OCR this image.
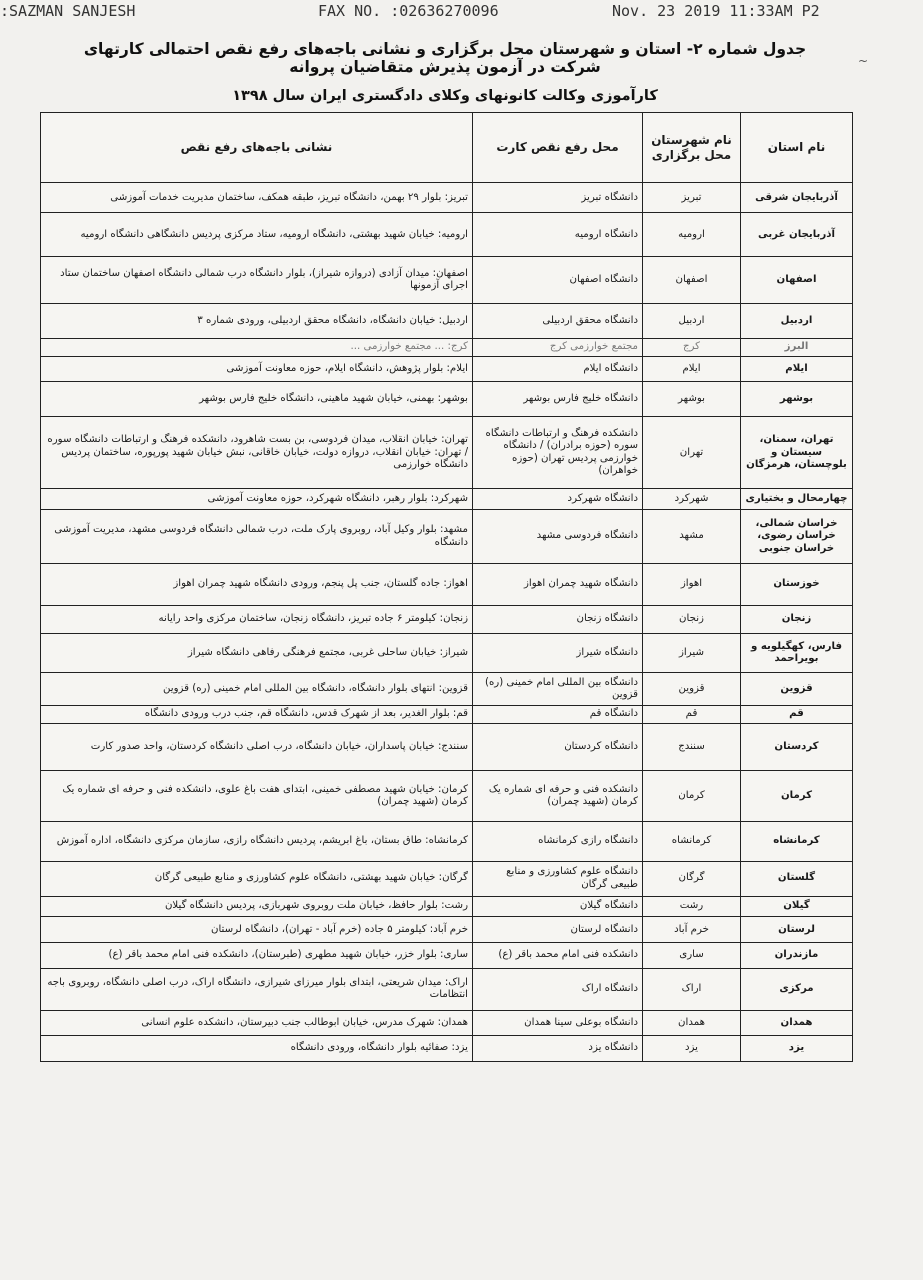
:SAZMAN SANJESH	FAX NO. :02636270096	Nov. 23 2019 11:33AM P2
جدول شماره ۲- استان و شهرستان محل برگزاری و نشانی باجه‌های رفع نقص احتمالی کارتهای شرکت در آزمون پذیرش متقاضیان پروانه
کارآموزی وکالت کانونهای وکلای دادگستری ایران سال ۱۳۹۸
~
نام استان	نام شهرستان محل برگزاری	محل رفع نقص کارت	نشانی باجه‌های رفع نقص
آذربایجان شرقی	تبریز	دانشگاه تبریز	تبریز: بلوار ۲۹ بهمن، دانشگاه تبریز، طبقه همکف، ساختمان مدیریت خدمات آموزشی
آذربایجان غربی	ارومیه	دانشگاه ارومیه	ارومیه: خیابان شهید بهشتی، دانشگاه ارومیه، ستاد مرکزی پردیس دانشگاهی دانشگاه ارومیه
اصفهان	اصفهان	دانشگاه اصفهان	اصفهان: میدان آزادی (دروازه شیراز)، بلوار دانشگاه درب شمالی دانشگاه اصفهان ساختمان ستاد اجرای آزمونها
اردبیل	اردبیل	دانشگاه محقق اردبیلی	اردبیل: خیابان دانشگاه، دانشگاه محقق اردبیلی، ورودی شماره ۳
البرز	کرج	مجتمع خوارزمی کرج	کرج: ... مجتمع خوارزمی ...
ایلام	ایلام	دانشگاه ایلام	ایلام: بلوار پژوهش، دانشگاه ایلام، حوزه معاونت آموزشی
بوشهر	بوشهر	دانشگاه خلیج فارس بوشهر	بوشهر: بهمنی، خیابان شهید ماهینی، دانشگاه خلیج فارس بوشهر
تهران، سمنان، سیستان و بلوچستان، هرمزگان	تهران	دانشکده فرهنگ و ارتباطات دانشگاه سوره (حوزه برادران) / دانشگاه خوارزمی پردیس تهران (حوزه خواهران)	تهران: خیابان انقلاب، میدان فردوسی، بن بست شاهرود، دانشکده فرهنگ و ارتباطات دانشگاه سوره / تهران: خیابان انقلاب، دروازه دولت، خیابان خاقانی، نبش خیابان شهید پورپوره، ساختمان پردیس دانشگاه خوارزمی
چهارمحال و بختیاری	شهرکرد	دانشگاه شهرکرد	شهرکرد: بلوار رهبر، دانشگاه شهرکرد، حوزه معاونت آموزشی
خراسان شمالی، خراسان رضوی، خراسان جنوبی	مشهد	دانشگاه فردوسی مشهد	مشهد: بلوار وکیل آباد، روبروی پارک ملت، درب شمالی دانشگاه فردوسی مشهد، مدیریت آموزشی دانشگاه
خوزستان	اهواز	دانشگاه شهید چمران اهواز	اهواز: جاده گلستان، جنب پل پنجم، ورودی دانشگاه شهید چمران اهواز
زنجان	زنجان	دانشگاه زنجان	زنجان: کیلومتر ۶ جاده تبریز، دانشگاه زنجان، ساختمان مرکزی واحد رایانه
فارس، کهگیلویه و بویراحمد	شیراز	دانشگاه شیراز	شیراز: خیابان ساحلی غربی، مجتمع فرهنگی رفاهی دانشگاه شیراز
قزوین	قزوین	دانشگاه بین المللی امام خمینی (ره) قزوین	قزوین: انتهای بلوار دانشگاه، دانشگاه بین المللی امام خمینی (ره) قزوین
قم	قم	دانشگاه قم	قم: بلوار الغدیر، بعد از شهرک قدس، دانشگاه قم، جنب درب ورودی دانشگاه
کردستان	سنندج	دانشگاه کردستان	سنندج: خیابان پاسداران، خیابان دانشگاه، درب اصلی دانشگاه کردستان، واحد صدور کارت
کرمان	کرمان	دانشکده فنی و حرفه ای شماره یک کرمان (شهید چمران)	کرمان: خیابان شهید مصطفی خمینی، ابتدای هفت باغ علوی، دانشکده فنی و حرفه ای شماره یک کرمان (شهید چمران)
کرمانشاه	کرمانشاه	دانشگاه رازی کرمانشاه	کرمانشاه: طاق بستان، باغ ابریشم، پردیس دانشگاه رازی، سازمان مرکزی دانشگاه، اداره آموزش
گلستان	گرگان	دانشگاه علوم کشاورزی و منابع طبیعی گرگان	گرگان: خیابان شهید بهشتی، دانشگاه علوم کشاورزی و منابع طبیعی گرگان
گیلان	رشت	دانشگاه گیلان	رشت: بلوار حافظ، خیابان ملت روبروی شهربازی، پردیس دانشگاه گیلان
لرستان	خرم آباد	دانشگاه لرستان	خرم آباد: کیلومتر ۵ جاده (خرم آباد - تهران)، دانشگاه لرستان
مازندران	ساری	دانشکده فنی امام محمد باقر (ع)	ساری: بلوار خزر، خیابان شهید مطهری (طبرستان)، دانشکده فنی امام محمد باقر (ع)
مرکزی	اراک	دانشگاه اراک	اراک: میدان شریعتی، ابتدای بلوار میرزای شیرازی، دانشگاه اراک، درب اصلی دانشگاه، روبروی باجه انتظامات
همدان	همدان	دانشگاه بوعلی سینا همدان	همدان: شهرک مدرس، خیابان ابوطالب جنب دبیرستان، دانشکده علوم انسانی
یزد	یزد	دانشگاه یزد	یزد: صفائیه بلوار دانشگاه، ورودی دانشگاه
